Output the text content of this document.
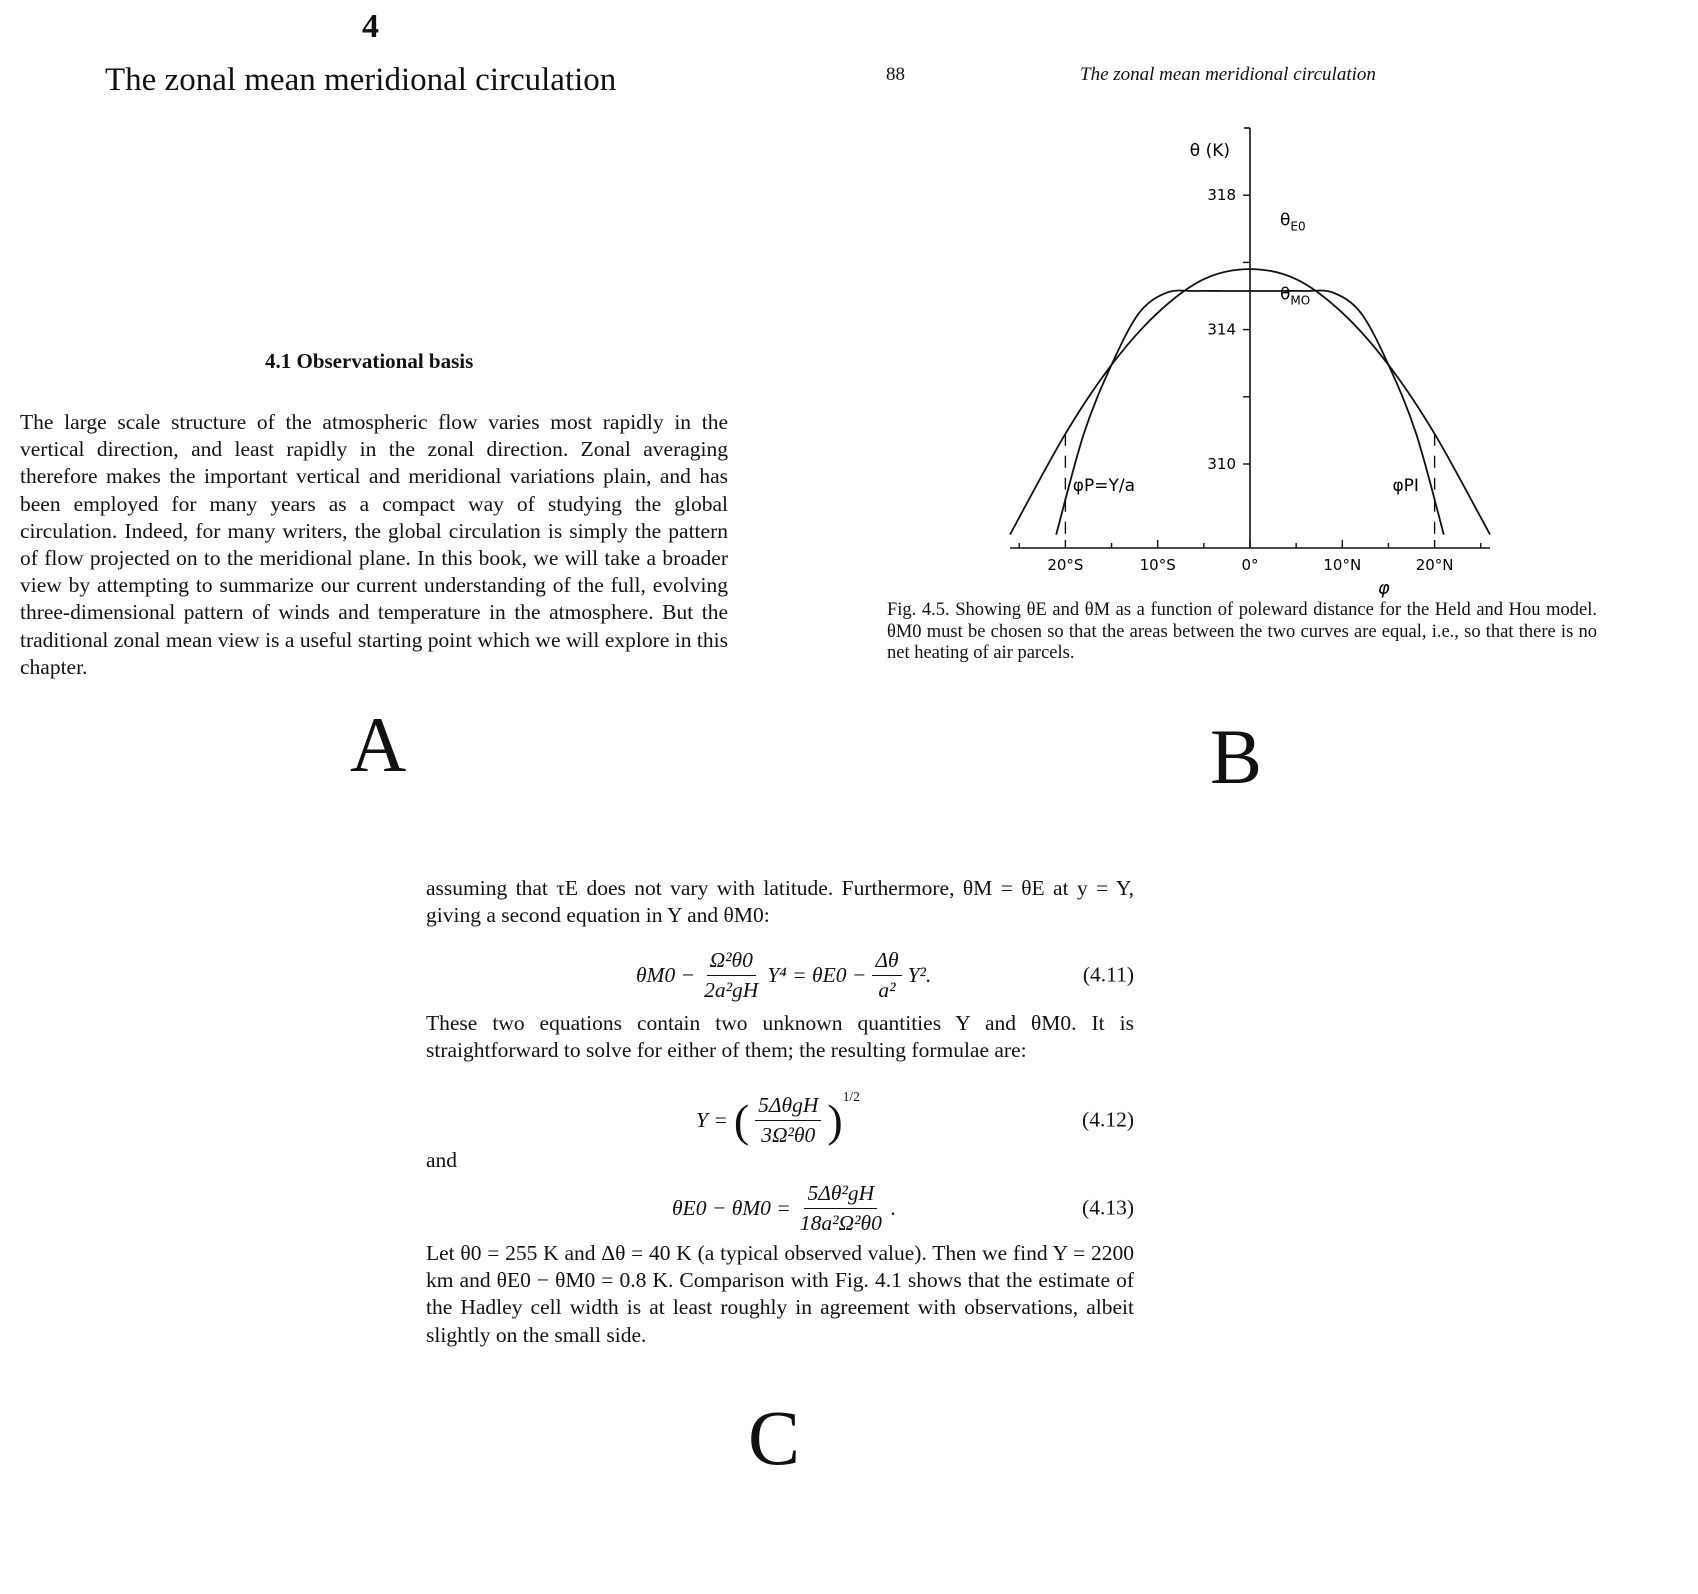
4
The zonal mean meridional circulation
4.1 Observational basis
The large scale structure of the atmospheric flow varies most rapidly in the vertical direction, and least rapidly in the zonal direction. Zonal averaging therefore makes the important vertical and meridional variations plain, and has been employed for many years as a compact way of studying the global circulation. Indeed, for many writers, the global circulation is simply the pattern of flow projected on to the meridional plane. In this book, we will take a broader view by attempting to summarize our current understanding of the full, evolving three-dimensional pattern of winds and temperature in the atmosphere. But the traditional zonal mean view is a useful starting point which we will explore in this chapter.
A
88	The zonal mean meridional circulation
20°S	10°S	0°	10°N	20°N
318
314
310
θ (K)
φ
$\theta_{E0}$
$\theta_{MO}$
φP=Y/a	φPI
Fig. 4.5. Showing θE and θM as a function of poleward distance for the Held and Hou model. θM0 must be chosen so that the areas between the two curves are equal, i.e., so that there is no net heating of air parcels.
B
assuming that τE does not vary with latitude. Furthermore, θM = θE at y = Y, giving a second equation in Y and θM0:
$\theta M0 - \frac{\text{Ω²θ0}}{\text{2a²gH}} Y^4 = \theta E0 - \frac{\Delta\theta}{\text{a²}} Y^2$.	(4.11)
These two equations contain two unknown quantities Y and θM0. It is straightforward to solve for either of them; the resulting formulae are:
Y = ( $\frac{\text{5ΔθgH}}{\text{3Ω²θ0}} )^{1/2}$
(4.12)
and
$\theta E0 - \theta M0 = \frac{\text{5Δθ²gH}}{\text{18a²Ω²θ0}}$ .	(4.13)
Let θ0 = 255 K and Δθ = 40 K (a typical observed value). Then we find Y = 2200 km and θE0 − θM0 = 0.8 K. Comparison with Fig. 4.1 shows that the estimate of the Hadley cell width is at least roughly in agreement with observations, albeit slightly on the small side.
C
